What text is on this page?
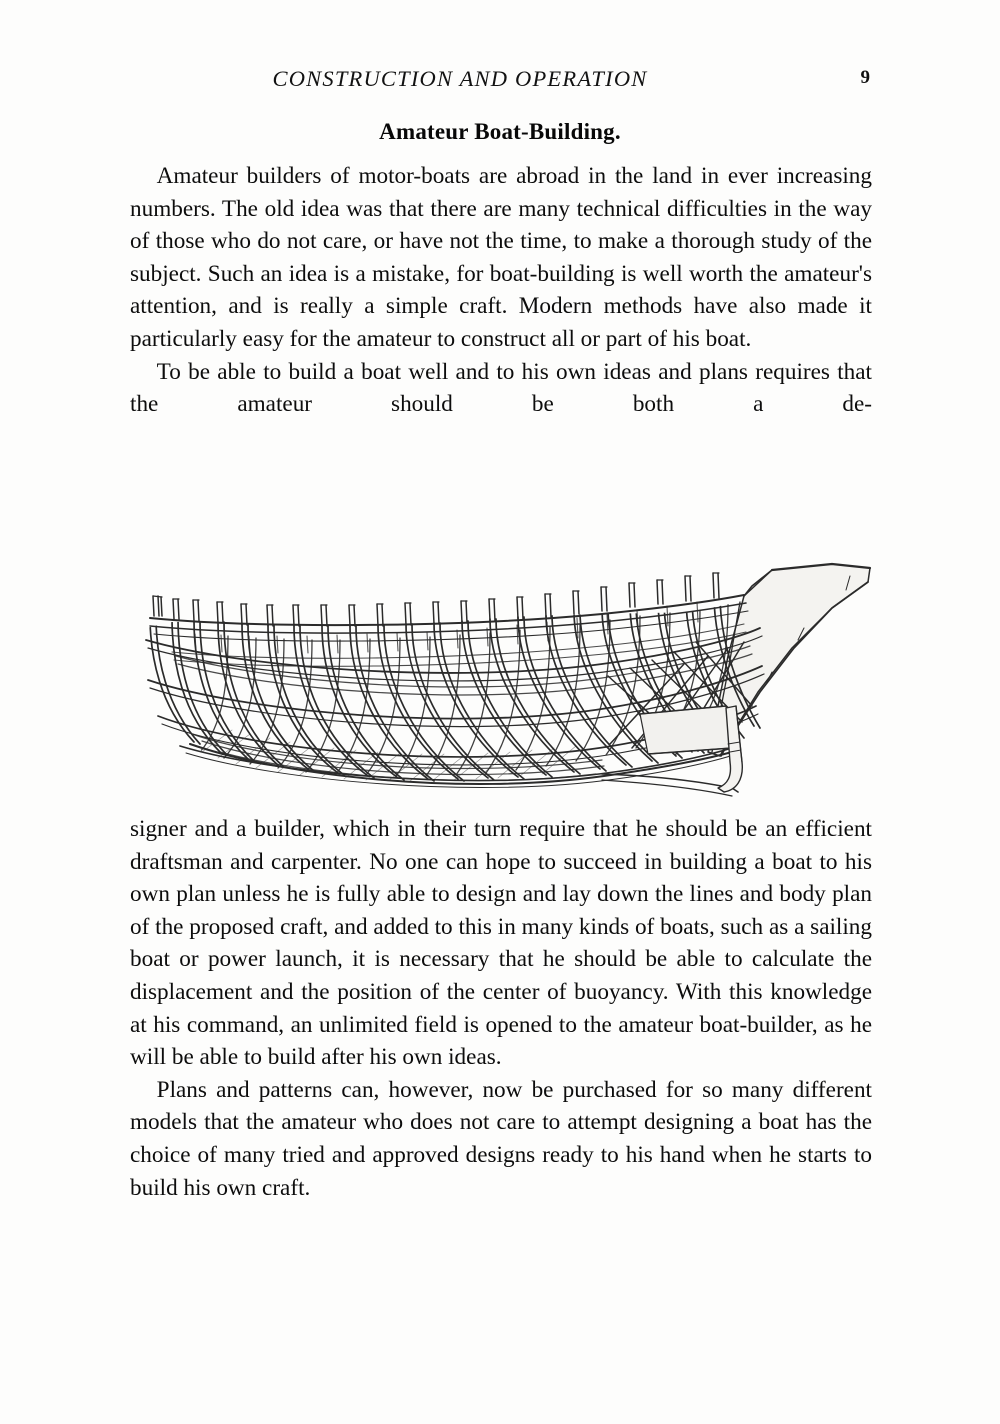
CONSTRUCTION AND OPERATION	9
Amateur Boat-Building.

Amateur builders of motor-boats are abroad in the land in ever increasing numbers. The old idea was that there are many technical difficulties in the way of those who do not care, or have not the time, to make a thorough study of the subject. Such an idea is a mistake, for boat-building is well worth the amateur's attention, and is really a simple craft. Modern methods have also made it particularly easy for the amateur to construct all or part of his boat.

To be able to build a boat well and to his own ideas and plans requires that the amateur should be both a de-

signer and a builder, which in their turn require that he should be an efficient draftsman and carpenter. No one can hope to succeed in building a boat to his own plan unless he is fully able to design and lay down the lines and body plan of the proposed craft, and added to this in many kinds of boats, such as a sailing boat or power launch, it is necessary that he should be able to calculate the displacement and the position of the center of buoyancy. With this knowledge at his command, an unlimited field is opened to the amateur boat-builder, as he will be able to build after his own ideas.

Plans and patterns can, however, now be purchased for so many different models that the amateur who does not care to attempt designing a boat has the choice of many tried and approved designs ready to his hand when he starts to build his own craft.
